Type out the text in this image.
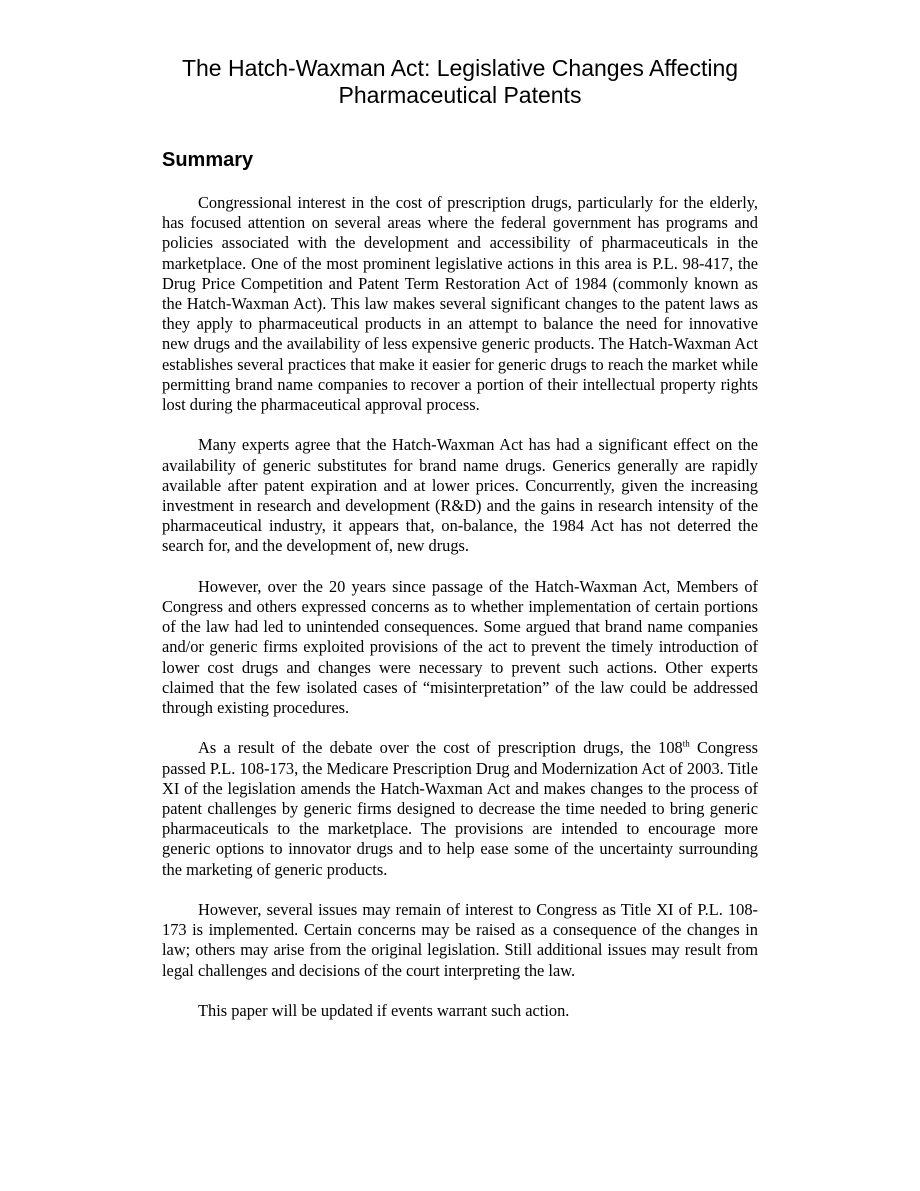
The Hatch-Waxman Act: Legislative Changes Affecting Pharmaceutical Patents
Summary

Congressional interest in the cost of prescription drugs, particularly for the elderly, has focused attention on several areas where the federal government has programs and policies associated with the development and accessibility of pharmaceuticals in the marketplace. One of the most prominent legislative actions in this area is P.L. 98-417, the Drug Price Competition and Patent Term Restoration Act of 1984 (commonly known as the Hatch-Waxman Act). This law makes several significant changes to the patent laws as they apply to pharmaceutical products in an attempt to balance the need for innovative new drugs and the availability of less expensive generic products. The Hatch-Waxman Act establishes several practices that make it easier for generic drugs to reach the market while permitting brand name companies to recover a portion of their intellectual property rights lost during the pharmaceutical approval process.

Many experts agree that the Hatch-Waxman Act has had a significant effect on the availability of generic substitutes for brand name drugs. Generics generally are rapidly available after patent expiration and at lower prices. Concurrently, given the increasing investment in research and development (R&D) and the gains in research intensity of the pharmaceutical industry, it appears that, on-balance, the 1984 Act has not deterred the search for, and the development of, new drugs.

However, over the 20 years since passage of the Hatch-Waxman Act, Members of Congress and others expressed concerns as to whether implementation of certain portions of the law had led to unintended consequences. Some argued that brand name companies and/or generic firms exploited provisions of the act to prevent the timely introduction of lower cost drugs and changes were necessary to prevent such actions. Other experts claimed that the few isolated cases of “misinterpretation” of the law could be addressed through existing procedures.

As a result of the debate over the cost of prescription drugs, the 108th Congress passed P.L. 108-173, the Medicare Prescription Drug and Modernization Act of 2003. Title XI of the legislation amends the Hatch-Waxman Act and makes changes to the process of patent challenges by generic firms designed to decrease the time needed to bring generic pharmaceuticals to the marketplace. The provisions are intended to encourage more generic options to innovator drugs and to help ease some of the uncertainty surrounding the marketing of generic products.

However, several issues may remain of interest to Congress as Title XI of P.L. 108-173 is implemented. Certain concerns may be raised as a consequence of the changes in law; others may arise from the original legislation. Still additional issues may result from legal challenges and decisions of the court interpreting the law.

This paper will be updated if events warrant such action.
